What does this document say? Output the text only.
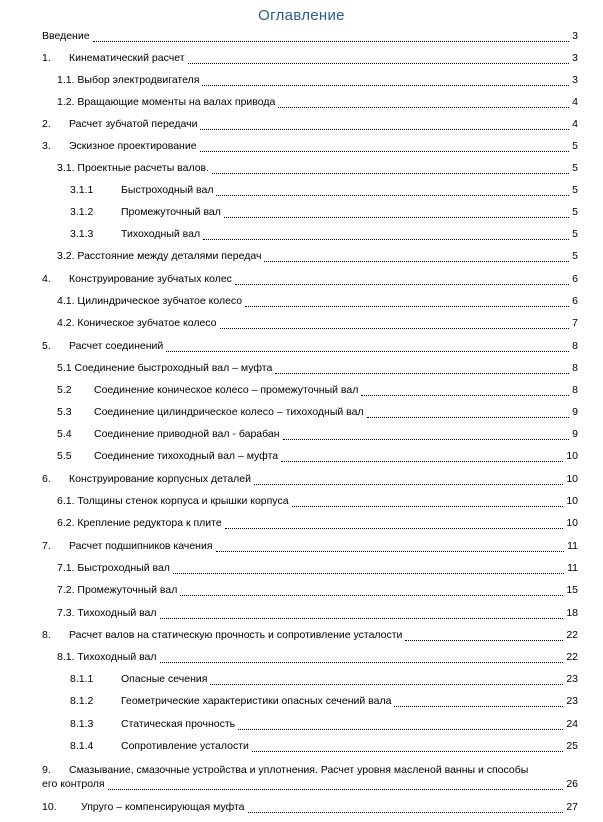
Оглавление
Введение	3
1. Кинематический расчет	3
1.1. Выбор электродвигателя	3
1.2. Вращающие моменты на валах привода	4
2. Расчет зубчатой передачи	4
3. Эскизное проектирование	5
3.1. Проектные расчеты валов.	5
3.1.1	Быстроходный вал	5
3.1.2	Промежуточный вал	5
3.1.3	Тихоходный вал	5
3.2. Расстояние между деталями передач	5
4. Конструирование зубчатых колес	6
4.1. Цилиндрическое зубчатое колесо	6
4.2. Коническое зубчатое колесо	7
5. Расчет соединений	8
5.1 Соединение быстроходный вал – муфта	8
5.2 Соединение коническое колесо – промежуточный вал	8
5.3 Соединение цилиндрическое колесо – тихоходный вал	9
5.4 Соединение приводной вал - барабан	9
5.5 Соединение тихоходный вал – муфта	10
6. Конструирование корпусных деталей	10
6.1. Толщины стенок корпуса и крышки корпуса	10
6.2. Крепление редуктора к плите	10
7. Расчет подшипников качения	11
7.1. Быстроходный вал	11
7.2. Промежуточный вал	15
7.3. Тихоходный вал	18
8. Расчет валов на статическую прочность и сопротивление усталости	22
8.1. Тихоходный вал	22
8.1.1	Опасные сечения	23
8.1.2	Геометрические характеристики опасных сечений вала	23
8.1.3	Статическая прочность	24
8.1.4	Сопротивление усталости	25
9. Смазывание, смазочные устройства и уплотнения. Расчет уровня масленой ванны и способы
его контроля	26
10. Упруго – компенсирующая муфта	27
